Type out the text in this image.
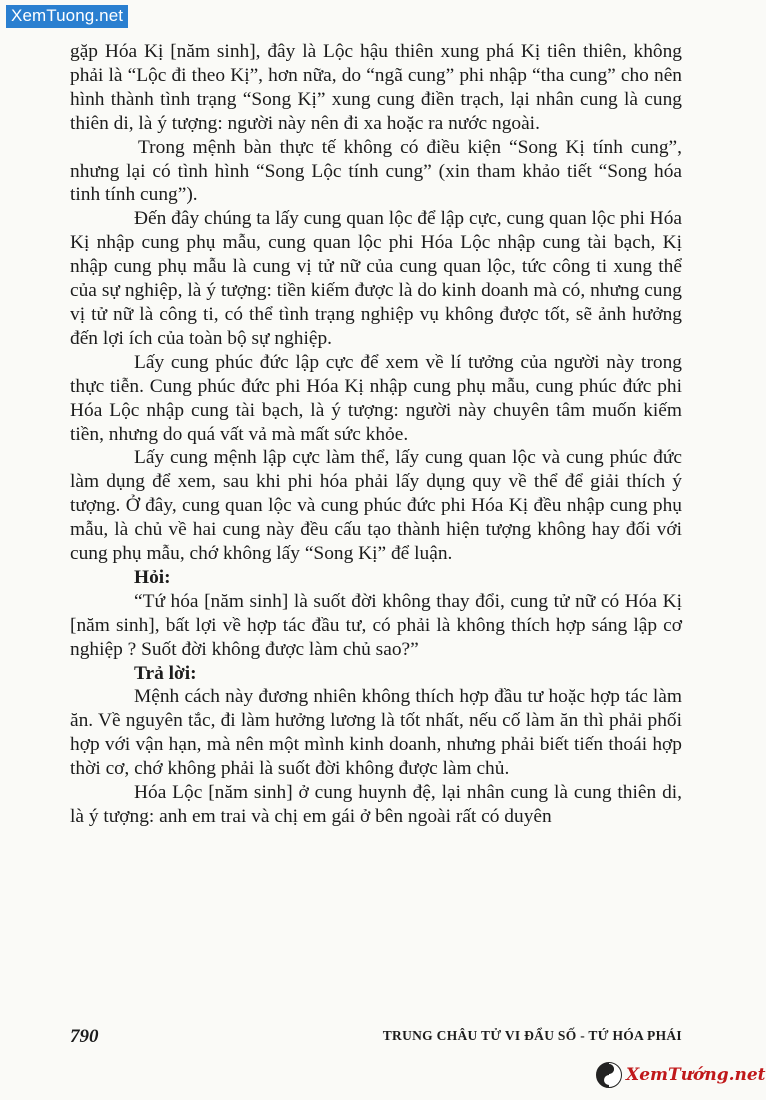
XemTuong.net

gặp Hóa Kị [năm sinh], đây là Lộc hậu thiên xung phá Kị tiên thiên, không phải là “Lộc đi theo Kị”, hơn nữa, do “ngã cung” phi nhập “tha cung” cho nên hình thành tình trạng “Song Kị” xung cung điền trạch, lại nhân cung là cung thiên di, là ý tượng: người này nên đi xa hoặc ra nước ngoài.

Trong mệnh bàn thực tế không có điều kiện “Song Kị tính cung”, nhưng lại có tình hình “Song Lộc tính cung” (xin tham khảo tiết “Song hóa tinh tính cung”).

Đến đây chúng ta lấy cung quan lộc để lập cực, cung quan lộc phi Hóa Kị nhập cung phụ mẫu, cung quan lộc phi Hóa Lộc nhập cung tài bạch, Kị nhập cung phụ mẫu là cung vị tử nữ của cung quan lộc, tức công ti xung thể của sự nghiệp, là ý tượng: tiền kiếm được là do kinh doanh mà có, nhưng cung vị tử nữ là công ti, có thể tình trạng nghiệp vụ không được tốt, sẽ ảnh hưởng đến lợi ích của toàn bộ sự nghiệp.

Lấy cung phúc đức lập cực để xem về lí tưởng của người này trong thực tiễn. Cung phúc đức phi Hóa Kị nhập cung phụ mẫu, cung phúc đức phi Hóa Lộc nhập cung tài bạch, là ý tượng: người này chuyên tâm muốn kiếm tiền, nhưng do quá vất vả mà mất sức khỏe.

Lấy cung mệnh lập cực làm thể, lấy cung quan lộc và cung phúc đức làm dụng để xem, sau khi phi hóa phải lấy dụng quy về thể để giải thích ý tượng. Ở đây, cung quan lộc và cung phúc đức phi Hóa Kị đều nhập cung phụ mẫu, là chủ về hai cung này đều cấu tạo thành hiện tượng không hay đối với cung phụ mẫu, chớ không lấy “Song Kị” để luận.

Hỏi:

“Tứ hóa [năm sinh] là suốt đời không thay đổi, cung tử nữ có Hóa Kị [năm sinh], bất lợi về hợp tác đầu tư, có phải là không thích hợp sáng lập cơ nghiệp ? Suốt đời không được làm chủ sao?”

Trả lời:

Mệnh cách này đương nhiên không thích hợp đầu tư hoặc hợp tác làm ăn. Về nguyên tắc, đi làm hưởng lương là tốt nhất, nếu cố làm ăn thì phải phối hợp với vận hạn, mà nên một mình kinh doanh, nhưng phải biết tiến thoái hợp thời cơ, chớ không phải là suốt đời không được làm chủ.

Hóa Lộc [năm sinh] ở cung huynh đệ, lại nhân cung là cung thiên di, là ý tượng: anh em trai và chị em gái ở bên ngoài rất có duyên

790	TRUNG CHÂU TỬ VI ĐẨU SỐ - TỨ HÓA PHÁI
XemTướng.net
